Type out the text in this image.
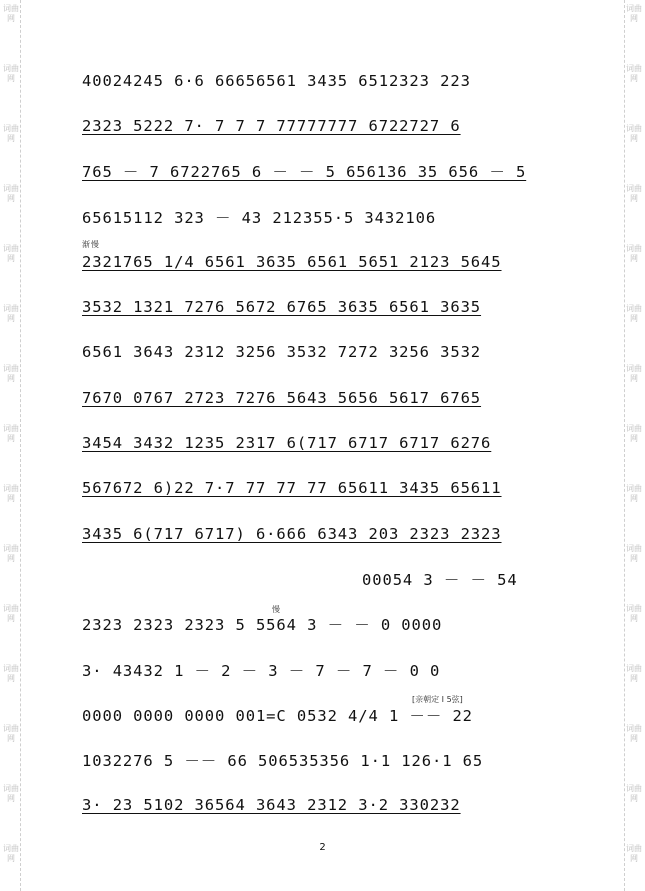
词曲网
词曲网
词曲网
词曲网
词曲网
词曲网
词曲网
词曲网
词曲网
词曲网
词曲网
词曲网
词曲网
词曲网
词曲网
词曲网
词曲网
词曲网
词曲网
词曲网
词曲网
词曲网
词曲网
词曲网
词曲网
词曲网
词曲网
词曲网
词曲网
词曲网
40024245 6·6 66656561 3435 6512323 223
2323 5222 7· 7 7 7 77777777 6722727 6
765 － 7 6722765 6 － － 5 656136 35 656 － 5
65615112 323 － 43 212355·5 3432106
渐慢
2321765 1/4 6561 3635 6561 5651 2123 5645
3532 1321 7276 5672 6765 3635 6561 3635
6561 3643 2312 3256 3532 7272 3256 3532
7670 0767 2723 7276 5643 5656 5617 6765
3454 3432 1235 2317 6(717 6717 6717 6276
567672 6)22 7·7 77 77 77 65611 3435 65611
3435 6(717 6717) 6·666 6343 203 2323 2323
00054 3 － － 54
慢
2323 2323 2323 5 5564 3 － － 0 0000
3· 43432 1 － 2 － 3 － 7 － 7 － 0 0
[亲朝定 I 5弦]
0000 0000 0000 001=C 0532 4/4 1 －－ 22
1032276 5 －－ 66 506535356 1·1 126·1 65
3· 23 5102 36564 3643 2312 3·2 330232
2
